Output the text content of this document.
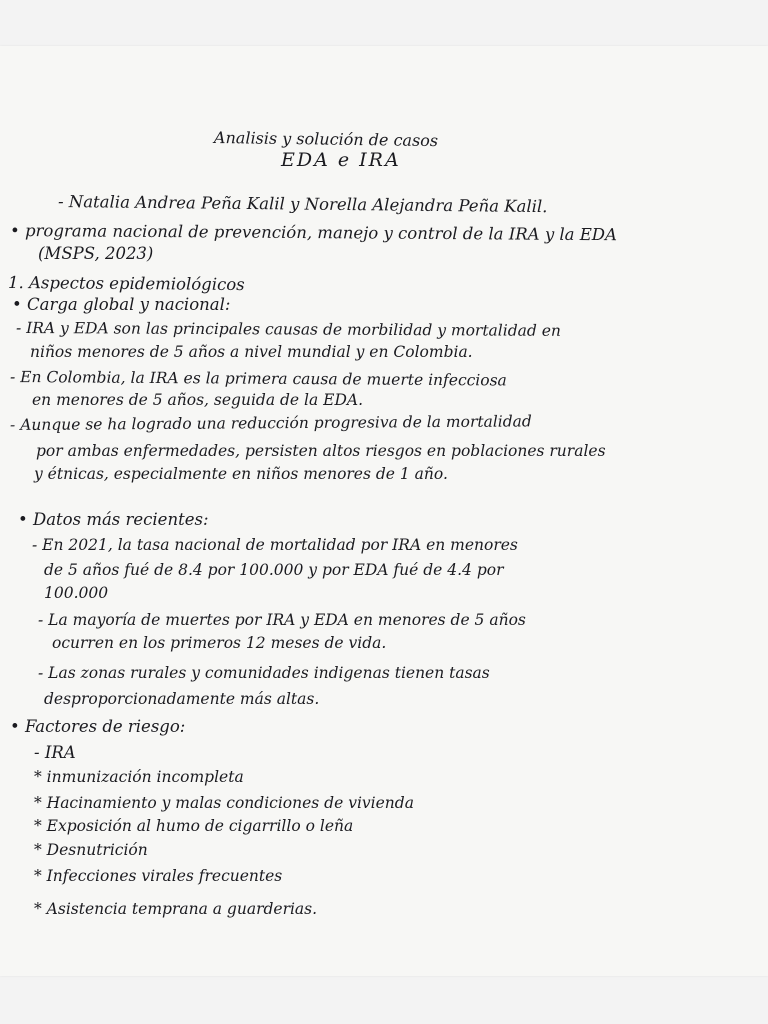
Analisis y solución de casos
EDA e IRA
- Natalia Andrea Peña Kalil y Norella Alejandra Peña Kalil.
• programa nacional de prevención, manejo y control de la IRA y la EDA
(MSPS, 2023)
1. Aspectos epidemiológicos
• Carga global y nacional:
- IRA y EDA son las principales causas de morbilidad y mortalidad en
niños menores de 5 años a nivel mundial y en Colombia.
- En Colombia, la IRA es la primera causa de muerte infecciosa
en menores de 5 años, seguida de la EDA.
- Aunque se ha logrado una reducción progresiva de la mortalidad
por ambas enfermedades, persisten altos riesgos en poblaciones rurales
y étnicas, especialmente en niños menores de 1 año.
• Datos más recientes:
- En 2021, la tasa nacional de mortalidad por IRA en menores
de 5 años fué de 8.4 por 100.000 y por EDA fué de 4.4 por
100.000
- La mayoría de muertes por IRA y EDA en menores de 5 años
ocurren en los primeros 12 meses de vida.
- Las zonas rurales y comunidades indigenas tienen tasas
desproporcionadamente más altas.
• Factores de riesgo:
- IRA
* inmunización incompleta
* Hacinamiento y malas condiciones de vivienda
* Exposición al humo de cigarrillo o leña
* Desnutrición
* Infecciones virales frecuentes
* Asistencia temprana a guarderias.
